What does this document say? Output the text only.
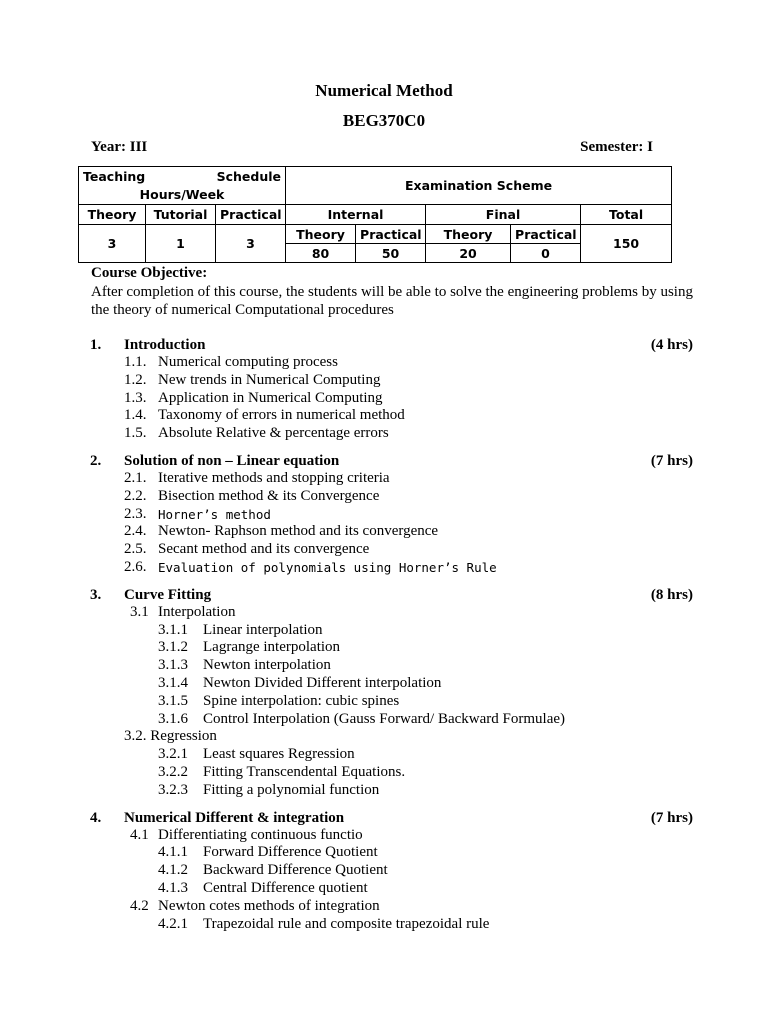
Numerical Method
BEG370C0
Year: III	Semester: I
Teaching Schedule
Hours/Week			Examination Scheme				
Theory	Tutorial	Practical	Internal		Final		Total
3	1	3	Theory	Practical	Theory	Practical	150
			80	50	20	0	
Course Objective:
After completion of this course, the students will be able to solve the engineering problems by using the theory of numerical Computational procedures
1. Introduction	(4 hrs)
1.1. Numerical computing process
1.2. New trends in Numerical Computing
1.3. Application in Numerical Computing
1.4. Taxonomy of errors in numerical method
1.5. Absolute Relative & percentage errors
2. Solution of non – Linear equation	(7 hrs)
2.1. Iterative methods and stopping criteria
2.2. Bisection method & its Convergence
2.3. Horner’s method
2.4. Newton- Raphson method and its convergence
2.5. Secant method and its convergence
2.6. Evaluation of polynomials using Horner’s Rule
3. Curve Fitting	(8 hrs)
3.1 Interpolation
3.1.1 Linear interpolation
3.1.2 Lagrange interpolation
3.1.3 Newton interpolation
3.1.4 Newton Divided Different interpolation
3.1.5 Spine interpolation: cubic spines
3.1.6 Control Interpolation (Gauss Forward/ Backward Formulae)
3.2. Regression
3.2.1 Least squares Regression
3.2.2 Fitting Transcendental Equations.
3.2.3 Fitting a polynomial function
4. Numerical Different & integration	(7 hrs)
4.1 Differentiating continuous functio
4.1.1 Forward Difference Quotient
4.1.2 Backward Difference Quotient
4.1.3 Central Difference quotient
4.2 Newton cotes methods of integration
4.2.1 Trapezoidal rule and composite trapezoidal rule
